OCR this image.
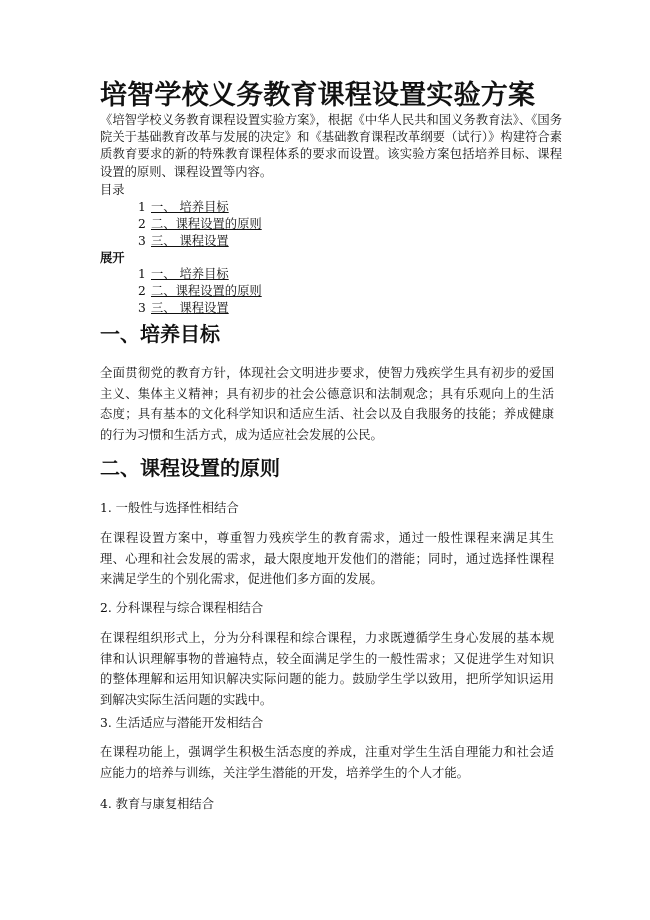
培智学校义务教育课程设置实验方案
《培智学校义务教育课程设置实验方案》，根据《中华人民共和国义务教育法》、《国务院关于基础教育改革与发展的决定》和《基础教育课程改革纲要（试行）》构建符合素质教育要求的新的特殊教育课程体系的要求而设置。该实验方案包括培养目标、课程设置的原则、课程设置等内容。
目录
1 一、 培养目标
2 二、课程设置的原则
3 三、 课程设置
展开
1 一、 培养目标
2 二、课程设置的原则
3 三、 课程设置
一、培养目标
全面贯彻党的教育方针，体现社会文明进步要求，使智力残疾学生具有初步的爱国主义、集体主义精神；具有初步的社会公德意识和法制观念；具有乐观向上的生活态度；具有基本的文化科学知识和适应生活、社会以及自我服务的技能；养成健康的行为习惯和生活方式，成为适应社会发展的公民。
二、课程设置的原则
1. 一般性与选择性相结合
在课程设置方案中，尊重智力残疾学生的教育需求，通过一般性课程来满足其生理、心理和社会发展的需求，最大限度地开发他们的潜能；同时，通过选择性课程来满足学生的个别化需求，促进他们多方面的发展。
2. 分科课程与综合课程相结合
在课程组织形式上，分为分科课程和综合课程，力求既遵循学生身心发展的基本规律和认识理解事物的普遍特点，较全面满足学生的一般性需求；又促进学生对知识的整体理解和运用知识解决实际问题的能力。鼓励学生学以致用，把所学知识运用到解决实际生活问题的实践中。
3. 生活适应与潜能开发相结合
在课程功能上，强调学生积极生活态度的养成，注重对学生生活自理能力和社会适应能力的培养与训练，关注学生潜能的开发，培养学生的个人才能。
4. 教育与康复相结合
